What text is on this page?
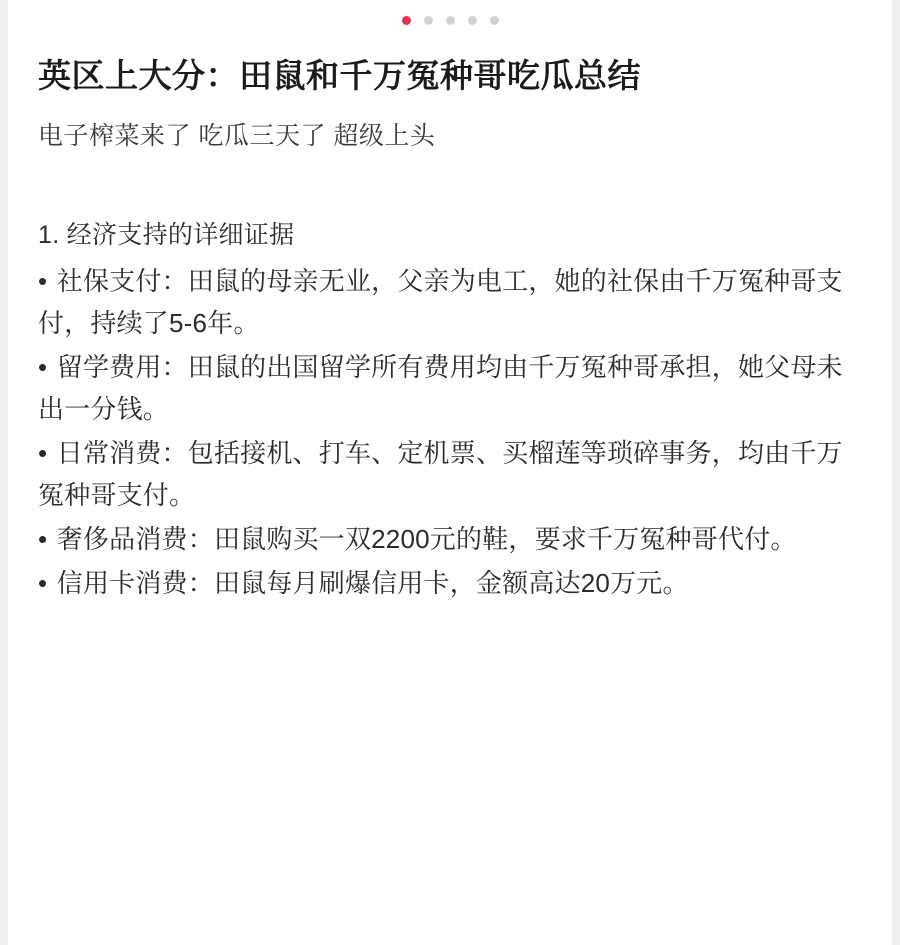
英区上大分：田鼠和千万冤种哥吃瓜总结

电子榨菜来了 吃瓜三天了 超级上头

1. 经济支持的详细证据

• 社保支付：田鼠的母亲无业，父亲为电工，她的社保由千万冤种哥支付，持续了5-6年。

• 留学费用：田鼠的出国留学所有费用均由千万冤种哥承担，她父母未出一分钱。

• 日常消费：包括接机、打车、定机票、买榴莲等琐碎事务，均由千万冤种哥支付。

• 奢侈品消费：田鼠购买一双2200元的鞋，要求千万冤种哥代付。

• 信用卡消费：田鼠每月刷爆信用卡，金额高达20万元。
